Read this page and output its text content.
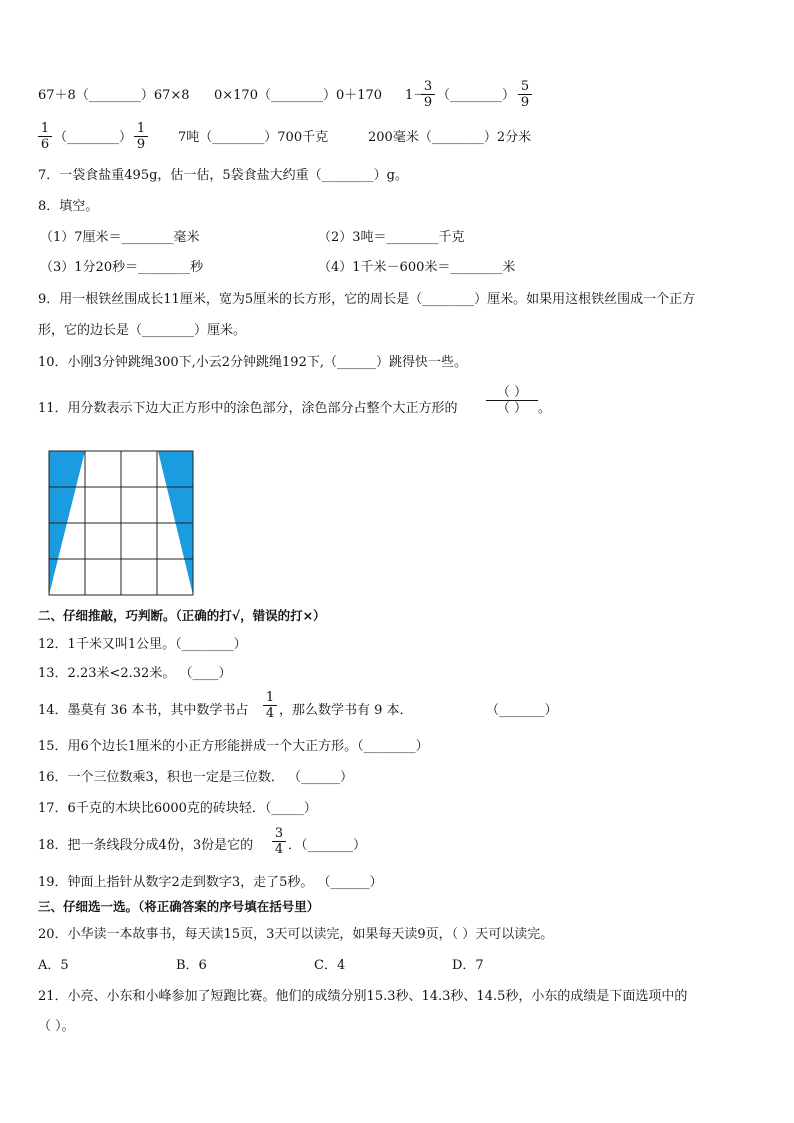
67＋8（________）67×8 0×170（________）0＋170 1－
3
9 （________）
5
9
1
6 （________）
1
9	7吨（________）700千克	200毫米（________）2分米
7．一袋食盐重495g，估一估，5袋食盐大约重（________）g。
8．填空。
（1）7厘米＝________毫米	（2）3吨＝________千克
（3）1分20秒＝________秒	（4）1千米－600米＝________米
9．用一根铁丝围成长11厘米，宽为5厘米的长方形，它的周长是（________）厘米。如果用这根铁丝围成一个正方
形，它的边长是（________）厘米。
10．小刚3分钟跳绳300下,小云2分钟跳绳192下,（______）跳得快一些。
11．用分数表示下边大正方形中的涂色部分，涂色部分占整个大正方形的
（ ）
（ ） 。
二、仔细推敲，巧判断。（正确的打√，错误的打×）
12．1千米又叫1公里。（________）
13．2.23米<2.32米。 （____）
14．墨莫有 36 本书，其中数学书占
1
4 ，那么数学书有 9 本．	（_______）
15．用6个边长1厘米的小正方形能拼成一个大正方形。（________）
16．一个三位数乘3，积也一定是三位数． （______）
17．6千克的木块比6000克的砖块轻．（_____）
18．把一条线段分成4份，3份是它的
3
4 ．（_______）
19．钟面上指针从数字2走到数字3，走了5秒。 （______）
三、仔细选一选。（将正确答案的序号填在括号里）
20．小华读一本故事书，每天读15页，3天可以读完，如果每天读9页，（ ）天可以读完。
A．5	B．6	C．4	D．7
21．小亮、小东和小峰参加了短跑比赛。他们的成绩分别15.3秒、14.3秒、14.5秒，小东的成绩是下面选项中的
（ ）。
